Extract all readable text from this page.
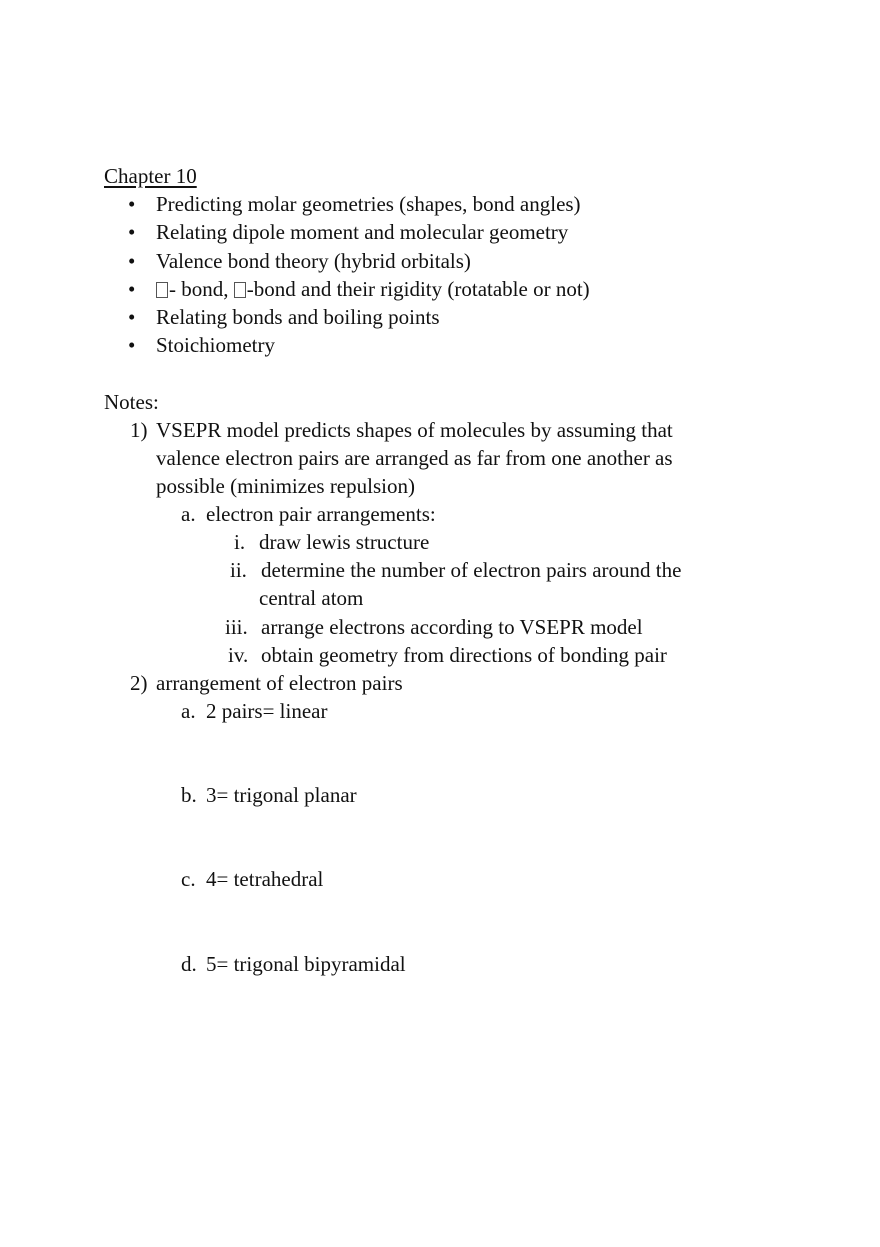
Chapter 10
• Predicting molar geometries (shapes, bond angles)
• Relating dipole moment and molecular geometry
• Valence bond theory (hybrid orbitals)
• - bond, -bond and their rigidity (rotatable or not)
• Relating bonds and boiling points
• Stoichiometry
Notes:
1) VSEPR model predicts shapes of molecules by assuming that
valence electron pairs are arranged as far from one another as
possible (minimizes repulsion)
a. electron pair arrangements:
i. draw lewis structure
ii. determine the number of electron pairs around the
central atom
iii. arrange electrons according to VSEPR model
iv. obtain geometry from directions of bonding pair
2) arrangement of electron pairs
a. 2 pairs= linear
b. 3= trigonal planar
c. 4= tetrahedral
d. 5= trigonal bipyramidal
